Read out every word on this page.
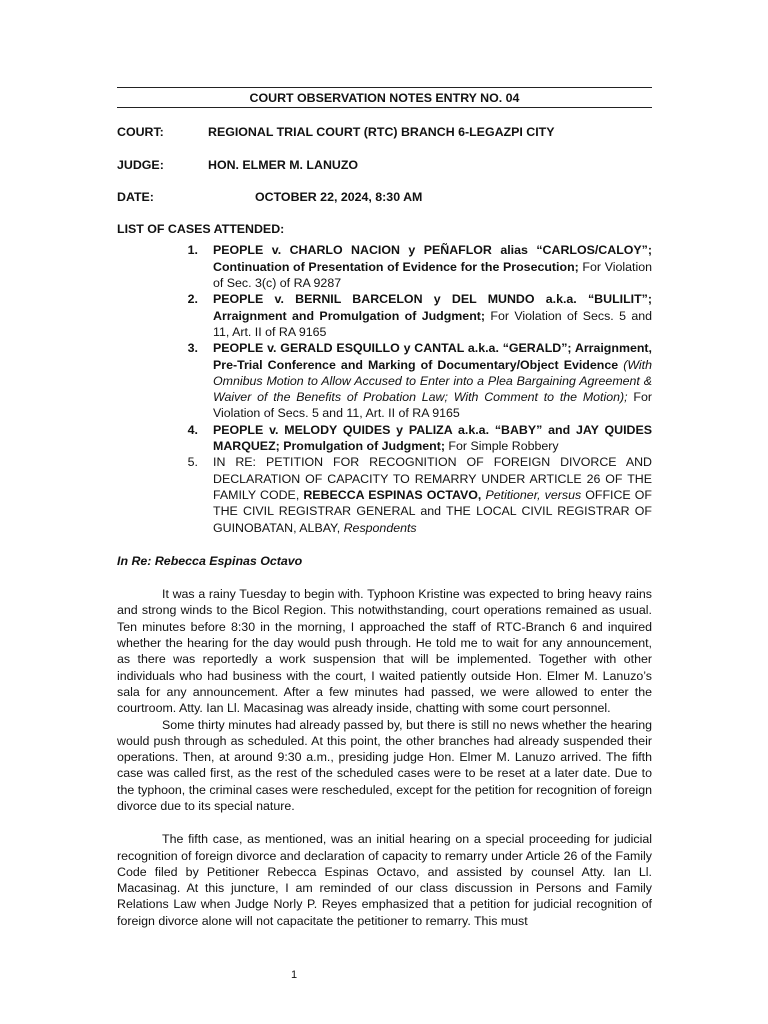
COURT OBSERVATION NOTES ENTRY NO. 04
COURT:	REGIONAL TRIAL COURT (RTC) BRANCH 6-LEGAZPI CITY
JUDGE:	HON. ELMER M. LANUZO
DATE:	OCTOBER 22, 2024, 8:30 AM
LIST OF CASES ATTENDED:
1.	PEOPLE v. CHARLO NACION y PEÑAFLOR alias “CARLOS/CALOY”; Continuation of Presentation of Evidence for the Prosecution; For Violation of Sec. 3(c) of RA 9287
2.	PEOPLE v. BERNIL BARCELON y DEL MUNDO a.k.a. “BULILIT”; Arraignment and Promulgation of Judgment; For Violation of Secs. 5 and 11, Art. II of RA 9165
3.	PEOPLE v. GERALD ESQUILLO y CANTAL a.k.a. “GERALD”; Arraignment, Pre-Trial Conference and Marking of Documentary/Object Evidence (With Omnibus Motion to Allow Accused to Enter into a Plea Bargaining Agreement & Waiver of the Benefits of Probation Law; With Comment to the Motion); For Violation of Secs. 5 and 11, Art. II of RA 9165
4.	PEOPLE v. MELODY QUIDES y PALIZA a.k.a. “BABY” and JAY QUIDES MARQUEZ; Promulgation of Judgment; For Simple Robbery
5.	IN RE: PETITION FOR RECOGNITION OF FOREIGN DIVORCE AND DECLARATION OF CAPACITY TO REMARRY UNDER ARTICLE 26 OF THE FAMILY CODE, REBECCA ESPINAS OCTAVO, Petitioner, versus OFFICE OF THE CIVIL REGISTRAR GENERAL and THE LOCAL CIVIL REGISTRAR OF GUINOBATAN, ALBAY, Respondents
In Re: Rebecca Espinas Octavo

It was a rainy Tuesday to begin with. Typhoon Kristine was expected to bring heavy rains and strong winds to the Bicol Region. This notwithstanding, court operations remained as usual. Ten minutes before 8:30 in the morning, I approached the staff of RTC-Branch 6 and inquired whether the hearing for the day would push through. He told me to wait for any announcement, as there was reportedly a work suspension that will be implemented. Together with other individuals who had business with the court, I waited patiently outside Hon. Elmer M. Lanuzo’s sala for any announcement. After a few minutes had passed, we were allowed to enter the courtroom. Atty. Ian Ll. Macasinag was already inside, chatting with some court personnel.

Some thirty minutes had already passed by, but there is still no news whether the hearing would push through as scheduled. At this point, the other branches had already suspended their operations. Then, at around 9:30 a.m., presiding judge Hon. Elmer M. Lanuzo arrived. The fifth case was called first, as the rest of the scheduled cases were to be reset at a later date. Due to the typhoon, the criminal cases were rescheduled, except for the petition for recognition of foreign divorce due to its special nature.

The fifth case, as mentioned, was an initial hearing on a special proceeding for judicial recognition of foreign divorce and declaration of capacity to remarry under Article 26 of the Family Code filed by Petitioner Rebecca Espinas Octavo, and assisted by counsel Atty. Ian Ll. Macasinag. At this juncture, I am reminded of our class discussion in Persons and Family Relations Law when Judge Norly P. Reyes emphasized that a petition for judicial recognition of foreign divorce alone will not capacitate the petitioner to remarry. This must

1
